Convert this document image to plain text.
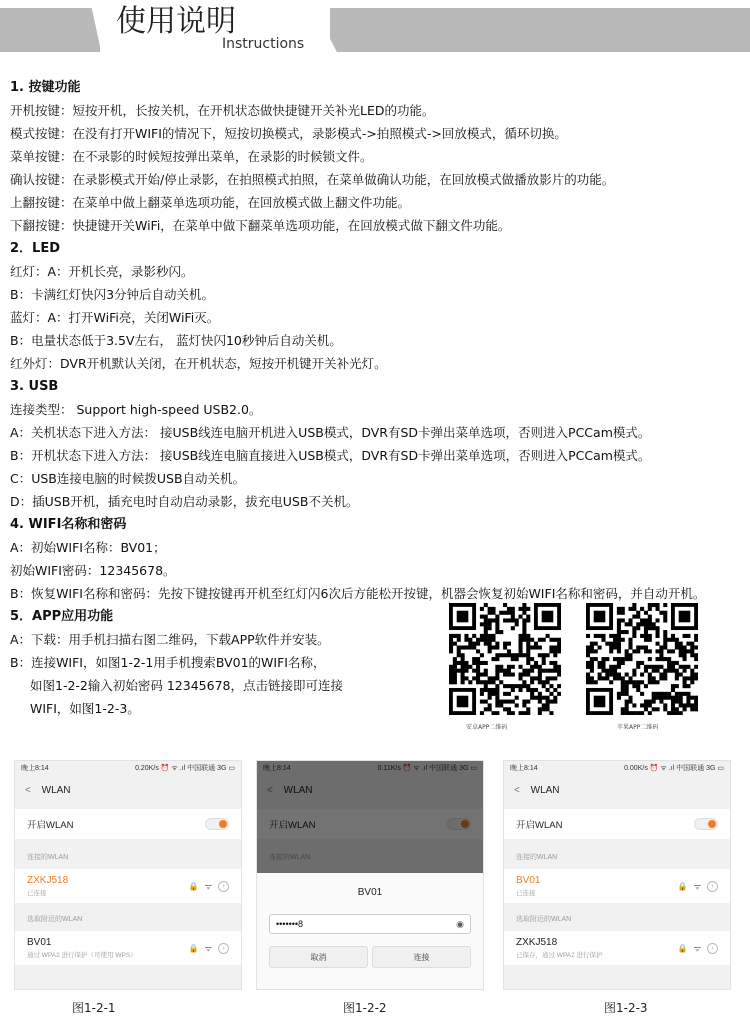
使用说明
Instructions
1. 按键功能
开机按键：短按开机，长按关机，在开机状态做快捷键开关补光LED的功能。
模式按键：在没有打开WIFI的情况下，短按切换模式，录影模式->拍照模式->回放模式，循环切换。
菜单按键：在不录影的时候短按弹出菜单，在录影的时候锁文件。
确认按键：在录影模式开始/停止录影，在拍照模式拍照，在菜单做确认功能，在回放模式做播放影片的功能。
上翻按键：在菜单中做上翻菜单选项功能，在回放模式做上翻文件功能。
下翻按键：快捷键开关WiFi，在菜单中做下翻菜单选项功能，在回放模式做下翻文件功能。
2．LED
红灯：A：开机长亮，录影秒闪。
B：卡满红灯快闪3分钟后自动关机。
蓝灯：A：打开WiFi亮，关闭WiFi灭。
B：电量状态低于3.5V左右， 蓝灯快闪10秒钟后自动关机。
红外灯：DVR开机默认关闭，在开机状态，短按开机键开关补光灯。
3. USB
连接类型： Support high-speed USB2.0。
A：关机状态下进入方法： 接USB线连电脑开机进入USB模式，DVR有SD卡弹出菜单选项，否则进入PCCam模式。
B：开机状态下进入方法： 接USB线连电脑直接进入USB模式，DVR有SD卡弹出菜单选项，否则进入PCCam模式。
C：USB连接电脑的时候拨USB自动关机。
D：插USB开机，插充电时自动启动录影，拔充电USB不关机。
4. WIFI名称和密码
A：初始WIFI名称：BV01；
初始WIFI密码：12345678。
B：恢复WIFI名称和密码：先按下键按键再开机至红灯闪6次后方能松开按键，机器会恢复初始WIFI名称和密码，并自动开机。
5．APP应用功能
A：下载：用手机扫描右图二维码，下载APP软件并安装。
B：连接WIFI，如图1-2-1用手机搜索BV01的WIFI名称，
如图1-2-2输入初始密码 12345678，点击链接即可连接
WIFI，如图1-2-3。
安卓APP二维码	苹果APP二维码
晚上8:14	0.20K/s ⏰ ᯤ .ıl 中国联通 3G ▭
< WLAN
开启WLAN
连接的WLAN
ZXKJ518
已连接
🔒 ᯤ	›
选取附近的WLAN
BV01
通过 WPA2 进行保护（可使用 WPS）
🔒 ᯤ	›
BV01
•••••••8	◉
取消	连接
晚上8:14	0.00K/s ⏰ ᯤ .ıl 中国联通 3G ▭
< WLAN
开启WLAN
连接的WLAN
BV01
已连接
🔒 ᯤ	›
选取附近的WLAN
ZXKJ518
已保存，通过 WPA2 进行保护
🔒 ᯤ	›
图1-2-1	图1-2-2	图1-2-3
